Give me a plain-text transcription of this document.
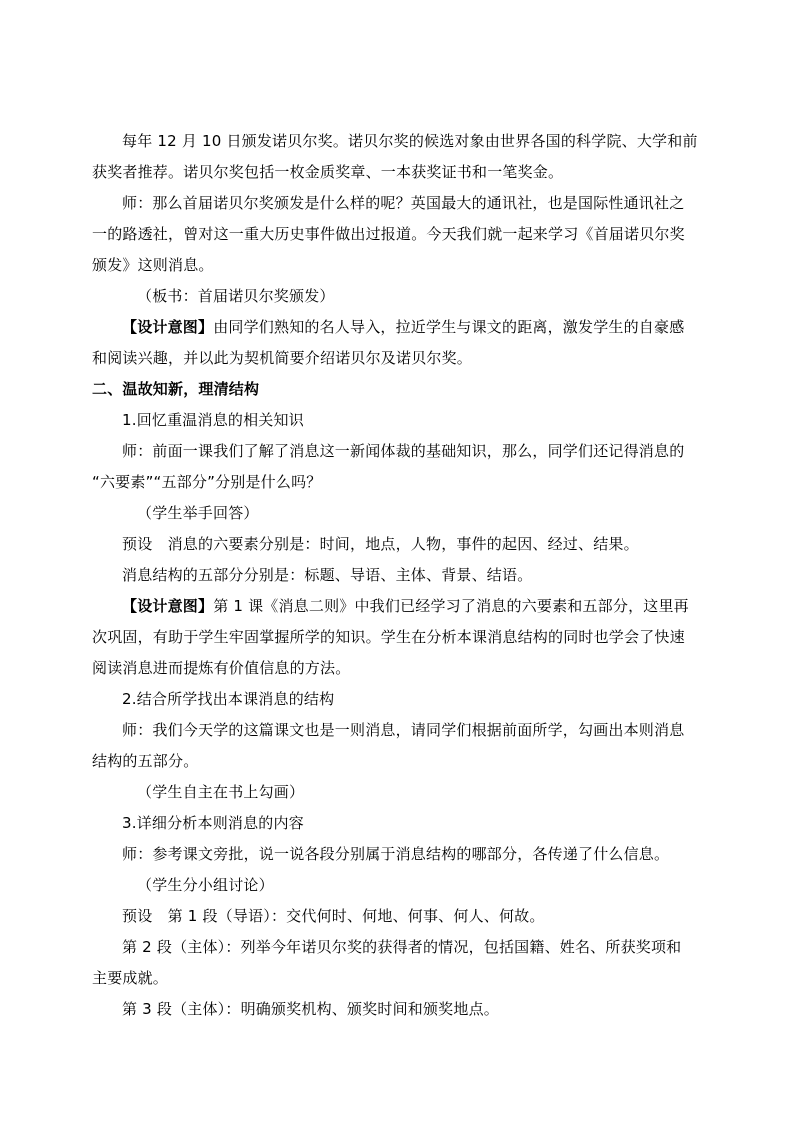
每年 12 月 10 日颁发诺贝尔奖。诺贝尔奖的候选对象由世界各国的科学院、大学和前
获奖者推荐。诺贝尔奖包括一枚金质奖章、一本获奖证书和一笔奖金。
师：那么首届诺贝尔奖颁发是什么样的呢？英国最大的通讯社，也是国际性通讯社之
一的路透社，曾对这一重大历史事件做出过报道。今天我们就一起来学习《首届诺贝尔奖
颁发》这则消息。
（板书：首届诺贝尔奖颁发）
【设计意图】由同学们熟知的名人导入，拉近学生与课文的距离，激发学生的自豪感
和阅读兴趣，并以此为契机简要介绍诺贝尔及诺贝尔奖。
二、温故知新，理清结构
1.回忆重温消息的相关知识
师：前面一课我们了解了消息这一新闻体裁的基础知识，那么，同学们还记得消息的
“六要素”“五部分”分别是什么吗？
（学生举手回答）
预设　消息的六要素分别是：时间，地点，人物，事件的起因、经过、结果。
消息结构的五部分分别是：标题、导语、主体、背景、结语。
【设计意图】第 1 课《消息二则》中我们已经学习了消息的六要素和五部分，这里再
次巩固，有助于学生牢固掌握所学的知识。学生在分析本课消息结构的同时也学会了快速
阅读消息进而提炼有价值信息的方法。
2.结合所学找出本课消息的结构
师：我们今天学的这篇课文也是一则消息，请同学们根据前面所学，勾画出本则消息
结构的五部分。
（学生自主在书上勾画）
3.详细分析本则消息的内容
师：参考课文旁批，说一说各段分别属于消息结构的哪部分，各传递了什么信息。
（学生分小组讨论）
预设　第 1 段（导语）：交代何时、何地、何事、何人、何故。
第 2 段（主体）：列举今年诺贝尔奖的获得者的情况，包括国籍、姓名、所获奖项和
主要成就。
第 3 段（主体）：明确颁奖机构、颁奖时间和颁奖地点。
